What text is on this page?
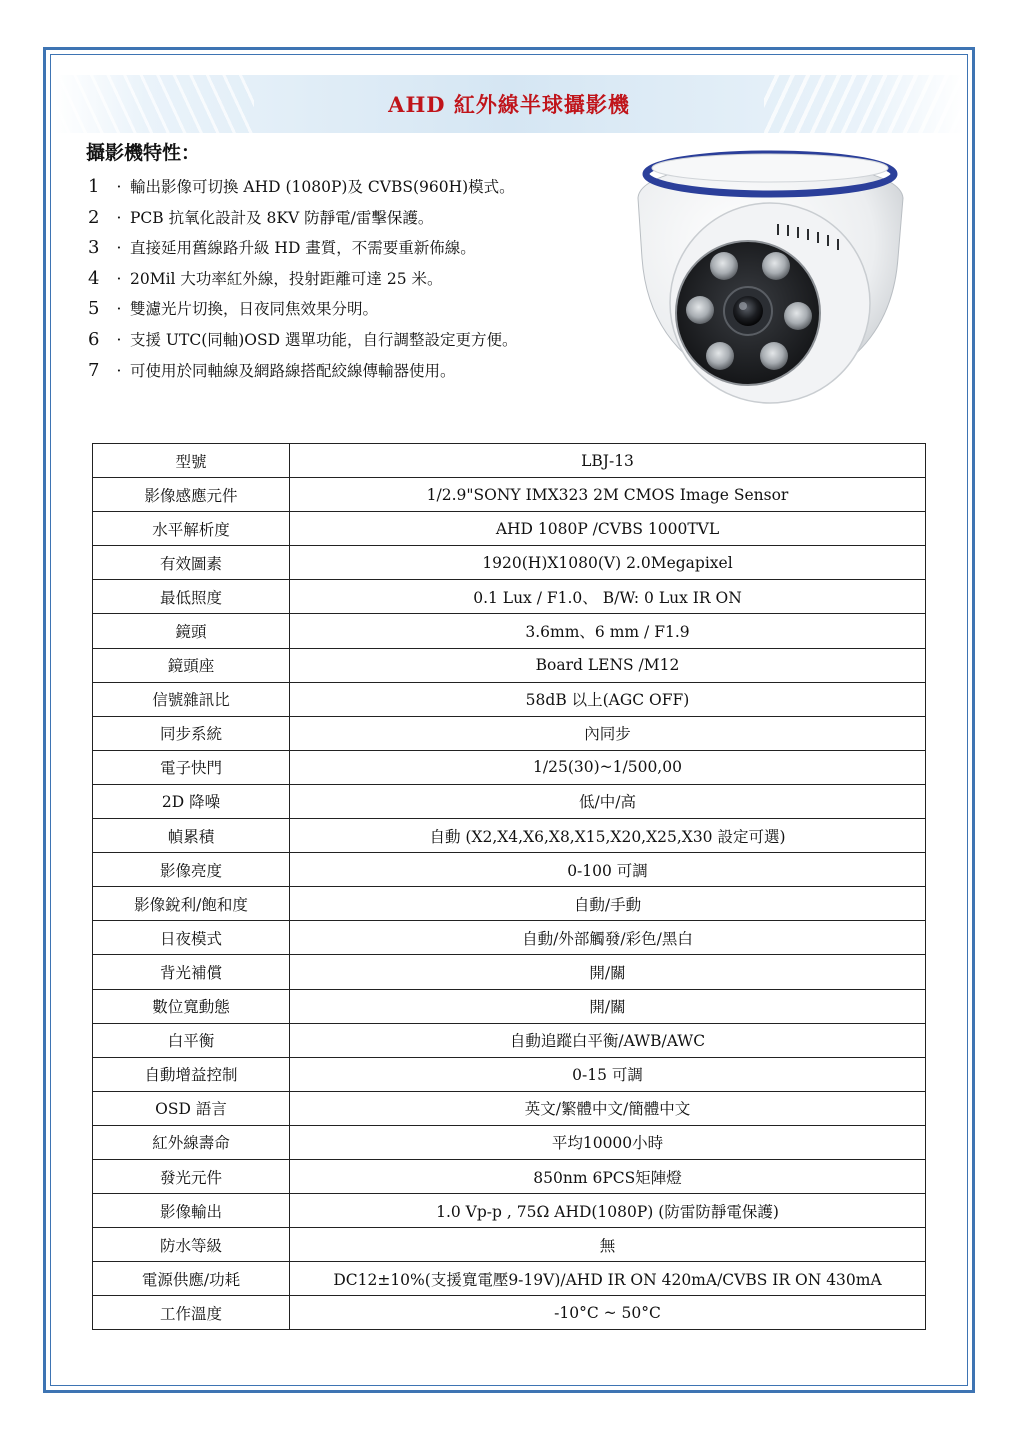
AHD 紅外線半球攝影機
攝影機特性：
1 · 輸出影像可切換 AHD (1080P)及 CVBS(960H)模式。
2 · PCB 抗氧化設計及 8KV 防靜電/雷擊保護。
3 · 直接延用舊線路升級 HD 畫質，不需要重新佈線。
4 · 20Mil 大功率紅外線，投射距離可達 25 米。
5 · 雙濾光片切換，日夜同焦效果分明。
6 · 支援 UTC(同軸)OSD 選單功能，自行調整設定更方便。
7 · 可使用於同軸線及網路線搭配絞線傳輸器使用。
型號	LBJ-13
影像感應元件	1/2.9"SONY IMX323 2M CMOS Image Sensor
水平解析度	AHD 1080P /CVBS 1000TVL
有效圖素	1920(H)X1080(V) 2.0Megapixel
最低照度	0.1 Lux / F1.0、 B/W: 0 Lux IR ON
鏡頭	3.6mm、6 mm / F1.9
鏡頭座	Board LENS /M12
信號雜訊比	58dB 以上(AGC OFF)
同步系統	內同步
電子快門	1/25(30)~1/500,00
2D 降噪	低/中/高
幀累積	自動 (X2,X4,X6,X8,X15,X20,X25,X30 設定可選)
影像亮度	0-100 可調
影像銳利/飽和度	自動/手動
日夜模式	自動/外部觸發/彩色/黑白
背光補償	開/關
數位寬動態	開/關
白平衡	自動追蹤白平衡/AWB/AWC
自動增益控制	0-15 可調
OSD 語言	英文/繁體中文/簡體中文
紅外線壽命	平均10000小時
發光元件	850nm 6PCS矩陣燈
影像輸出	1.0 Vp-p , 75Ω AHD(1080P) (防雷防靜電保護)
防水等級	無
電源供應/功耗	DC12±10%(支援寬電壓9-19V)/AHD IR ON 420mA/CVBS IR ON 430mA
工作溫度	-10°C ~ 50°C
